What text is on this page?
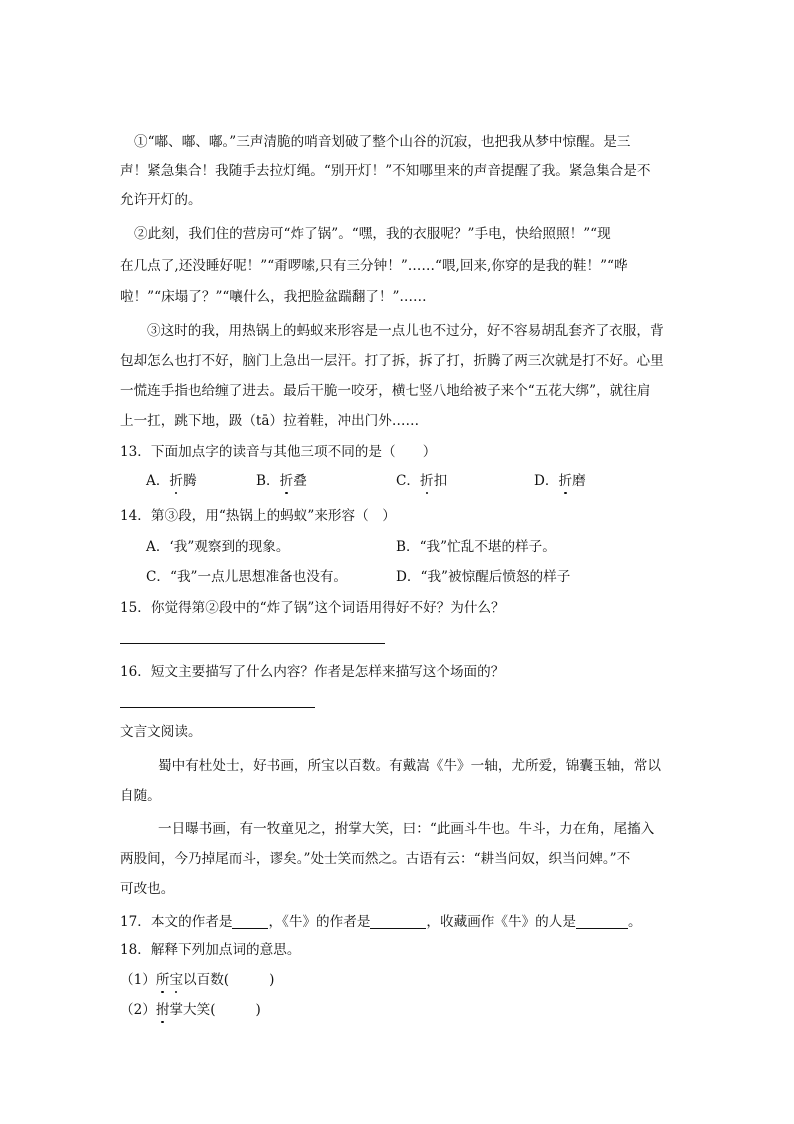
①“嘟、嘟、嘟。”三声清脆的哨音划破了整个山谷的沉寂，也把我从梦中惊醒。是三
声！紧急集合！我随手去拉灯绳。“别开灯！”不知哪里来的声音提醒了我。紧急集合是不
允许开灯的。
②此刻，我们住的营房可“炸了锅”。“嘿，我的衣服呢？”手电，快给照照！”“现
在几点了,还没睡好呢！”“甭啰嗦,只有三分钟！”……“喂,回来,你穿的是我的鞋！”“哗
啦！”“床塌了？”“嚷什么，我把脸盆踹翻了！”……
③这时的我，用热锅上的蚂蚁来形容是一点儿也不过分，好不容易胡乱套齐了衣服，背
包却怎么也打不好，脑门上急出一层汗。打了拆，拆了打，折腾了两三次就是打不好。心里
一慌连手指也给缠了进去。最后干脆一咬牙，横七竖八地给被子来个“五花大绑”，就往肩
上一扛，跳下地，趿（tā）拉着鞋，冲出门外……
13．下面加点字的读音与其他三项不同的是（　　）
A．折腾	B．折叠	C．折扣	D．折磨
14．第③段，用“热锅上的蚂蚁”来形容（　）
A．‘我”观察到的现象。	B．“我”忙乱不堪的样子。
C．“我”一点儿思想准备也没有。	D．“我”被惊醒后愤怒的样子
15．你觉得第②段中的“炸了锅”这个词语用得好不好？为什么？
16．短文主要描写了什么内容？作者是怎样来描写这个场面的？
文言文阅读。
蜀中有杜处士，好书画，所宝以百数。有戴嵩《牛》一轴，尤所爱，锦囊玉轴，常以
自随。
一日曝书画，有一牧童见之，拊掌大笑，曰：“此画斗牛也。牛斗，力在角，尾搐入
两股间，今乃掉尾而斗，谬矣。”处士笑而然之。古语有云：“耕当问奴，织当问婢。”不
可改也。
17．本文的作者是	，《牛》的作者是	，收藏画作《牛》的人是	。
18．解释下列加点词的意思。
（1）所宝以百数(	)
（2）拊掌大笑(	)
